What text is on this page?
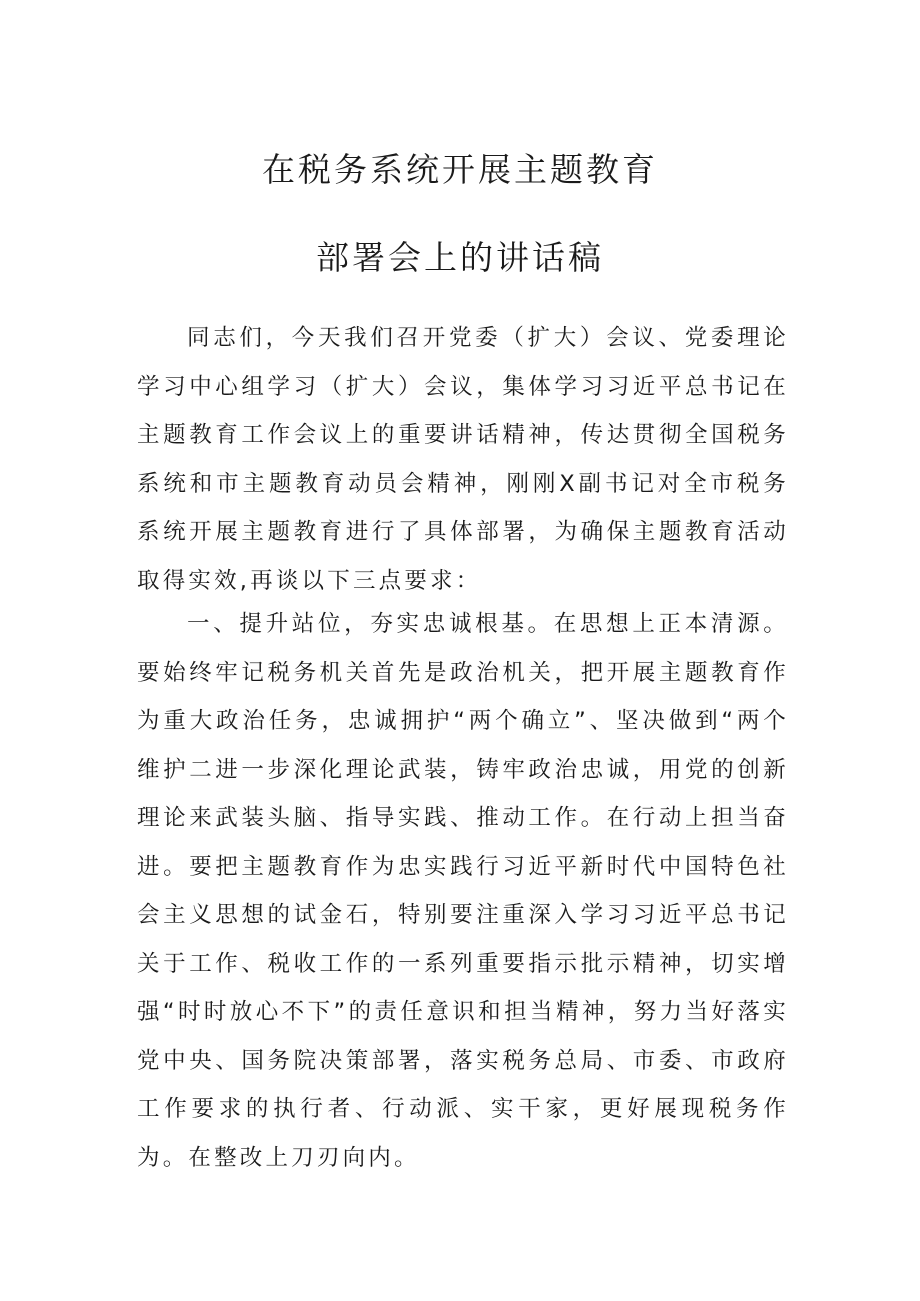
在税务系统开展主题教育
部署会上的讲话稿

同志们，今天我们召开党委（扩大）会议、党委理论学习中心组学习（扩大）会议，集体学习习近平总书记在主题教育工作会议上的重要讲话精神，传达贯彻全国税务系统和市主题教育动员会精神，刚刚X副书记对全市税务系统开展主题教育进行了具体部署，为确保主题教育活动取得实效,再谈以下三点要求：

一、提升站位，夯实忠诚根基。在思想上正本清源。要始终牢记税务机关首先是政治机关，把开展主题教育作为重大政治任务，忠诚拥护“两个确立”、坚决做到“两个维护二进一步深化理论武装，铸牢政治忠诚，用党的创新理论来武装头脑、指导实践、推动工作。在行动上担当奋进。要把主题教育作为忠实践行习近平新时代中国特色社会主义思想的试金石，特别要注重深入学习习近平总书记关于工作、税收工作的一系列重要指示批示精神，切实增强“时时放心不下”的责任意识和担当精神，努力当好落实党中央、国务院决策部署，落实税务总局、市委、市政府工作要求的执行者、行动派、实干家，更好展现税务作为。在整改上刀刃向内。
